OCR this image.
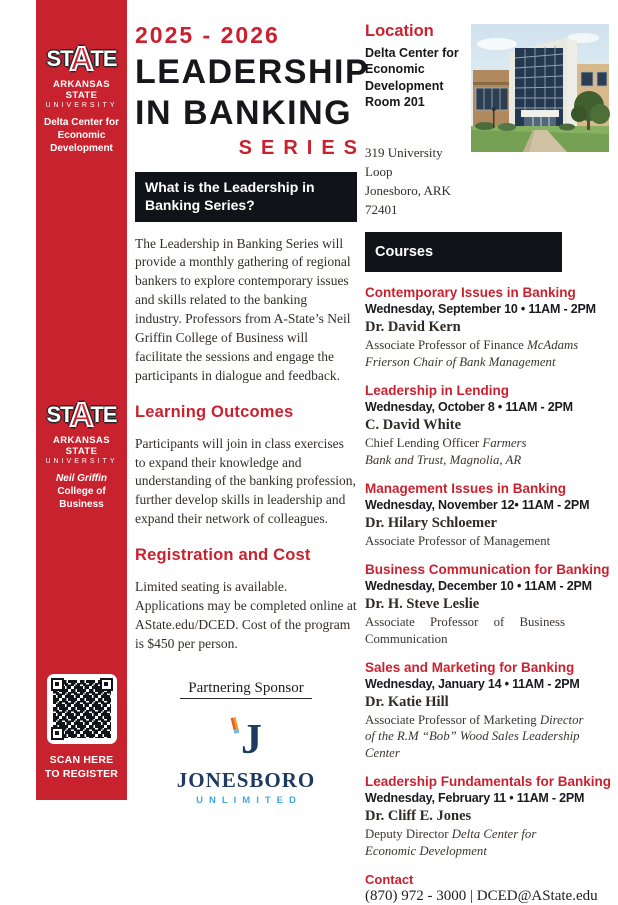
ST
A
TE
ARKANSAS STATE
UNIVERSITY
Delta Center for
Economic Development
ST
A
TE
ARKANSAS STATE
UNIVERSITY
Neil Griffin
College of Business
SCAN HERE
TO REGISTER
2025 - 2026
LEADERSHIP
IN BANKING
SERIES
What is the Leadership in
Banking Series?
The Leadership in Banking Series will provide a monthly gathering of regional bankers to explore contemporary issues and skills related to the banking industry. Professors from A-State’s Neil Griffin College of Business will facilitate the sessions and engage the participants in dialogue and feedback.
Learning Outcomes
Participants will join in class exercises to expand their knowledge and understanding of the banking profession, further develop skills in leadership and expand their network of colleagues.
Registration and Cost
Limited seating is available. Applications may be completed online at AState.edu/DCED. Cost of the program is $450 per person.
Partnering Sponsor
J
JONESBORO
UNLIMITED
Location
Delta Center for
Economic Development
Room 201
319 University Loop
Jonesboro, ARK 72401
Courses
Contemporary Issues in Banking
Wednesday, September 10 • 11AM - 2PM
Dr. David Kern
Associate Professor of Finance McAdams Frierson Chair of Bank Management
Leadership in Lending
Wednesday, October 8 • 11AM - 2PM
C. David White
Chief Lending Officer Farmers Bank and Trust, Magnolia, AR
Management Issues in Banking
Wednesday, November 12• 11AM - 2PM
Dr. Hilary Schloemer
Associate Professor of Management
Business Communication for Banking
Wednesday, December 10 • 11AM - 2PM
Dr. H. Steve Leslie
Associate Professor of Business Communication
Sales and Marketing for Banking
Wednesday, January 14 • 11AM - 2PM
Dr. Katie Hill
Associate Professor of Marketing Director of the R.M “Bob” Wood Sales Leadership Center
Leadership Fundamentals for Banking
Wednesday, February 11 • 11AM - 2PM
Dr. Cliff E. Jones
Deputy Director Delta Center for Economic Development
Contact
(870) 972 - 3000 | DCED@AState.edu
